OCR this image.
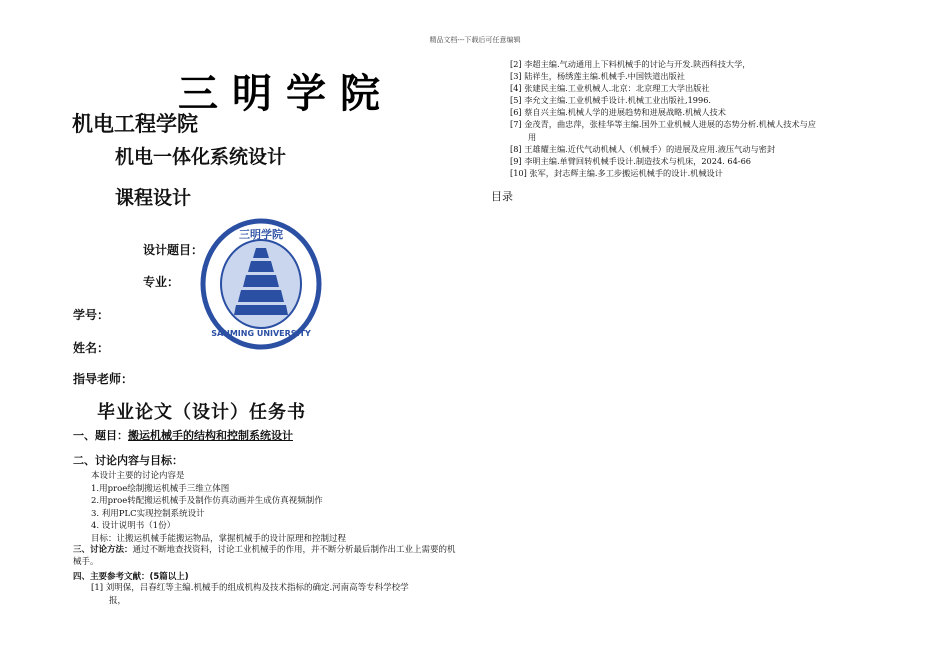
精品文档---下载后可任意编辑
三明学院
机电工程学院
机电一体化系统设计
课程设计
设计题目：
专业：
学号：
姓名：
指导老师：
三明学院
SANMING UNIVERSITY
毕业论文（设计）任务书
一、题目：搬运机械手的结构和控制系统设计
二、讨论内容与目标：
本设计主要的讨论内容是
1.用proe绘制搬运机械手三维立体图
2.用proe转配搬运机械手及制作仿真动画并生成仿真视频制作
3. 利用PLC实现控制系统设计
4. 设计说明书（1份）
目标：让搬运机械手能搬运物品，掌握机械手的设计原理和控制过程
三、讨论方法：通过不断地查找资料，讨论工业机械手的作用，并不断分析最后制作出工业上需要的机械手。
四、主要参考文献：(5篇以上)
[1] 刘明保，吕春红等主编.机械手的组成机构及技术指标的确定.河南高等专科学校学
报，
[2] 李超主编.气动通用上下料机械手的讨论与开发.陕西科技大学，
[3] 陆祥生，杨绣莲主编.机械手.中国铁道出版社
[4] 张建民主编.工业机械人.北京：北京理工大学出版社
[5] 李允文主编.工业机械手设计.机械工业出版社,1996.
[6] 蔡自兴主编.机械人学的进展趋势和进展战略.机械人技术
[7] 金茂青，曲忠萍，张桂华等主编.国外工业机械人进展的态势分析.机械人技术与应
用
[8] 王雄耀主编.近代气动机械人（机械手）的进展及应用.液压气动与密封
[9] 李明主编.单臂回转机械手设计.制造技术与机床，2024. 64-66
[10] 张军，封志辉主编.多工步搬运机械手的设计.机械设计
目录
